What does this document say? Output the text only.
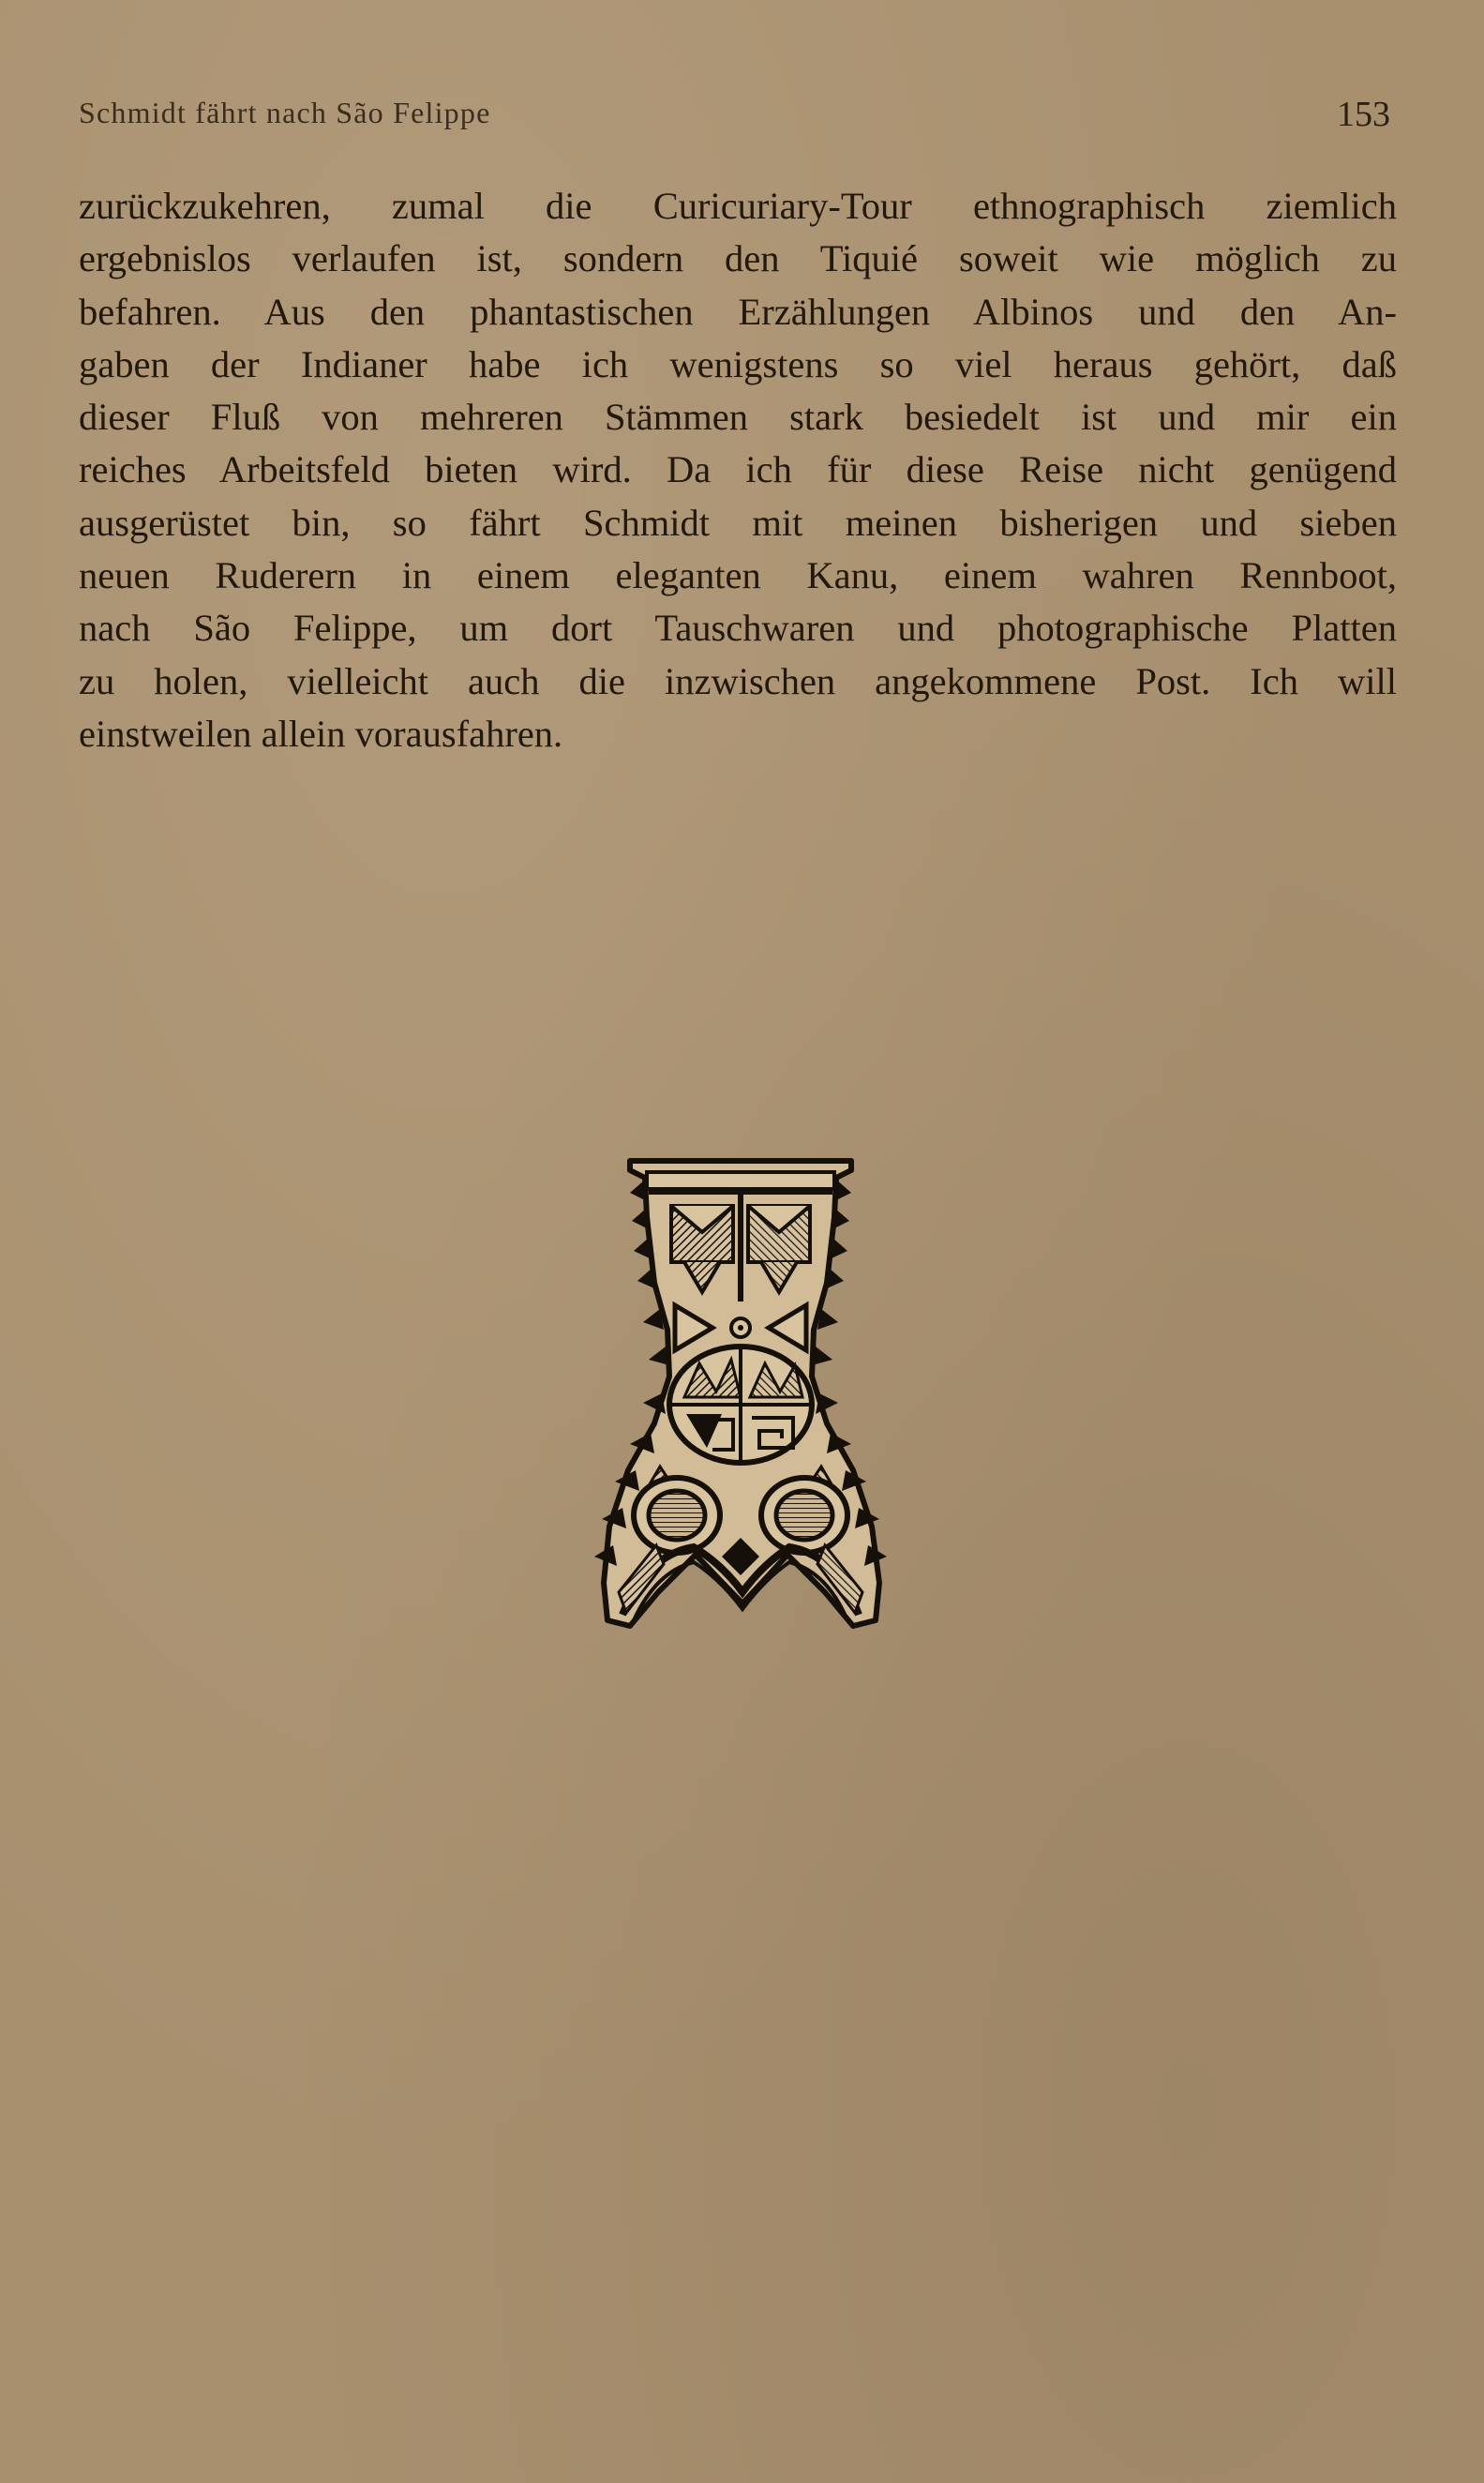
Schmidt fährt nach São Felippe	153
zurückzukehren, zumal die Curicuriary-Tour ethnographisch ziemlich
ergebnislos verlaufen ist, sondern den Tiquié soweit wie möglich zu
befahren. Aus den phantastischen Erzählungen Albinos und den An-
gaben der Indianer habe ich wenigstens so viel heraus gehört, daß
dieser Fluß von mehreren Stämmen stark besiedelt ist und mir ein
reiches Arbeitsfeld bieten wird. Da ich für diese Reise nicht genügend
ausgerüstet bin, so fährt Schmidt mit meinen bisherigen und sieben
neuen Ruderern in einem eleganten Kanu, einem wahren Rennboot,
nach São Felippe, um dort Tauschwaren und photographische Platten
zu holen, vielleicht auch die inzwischen angekommene Post. Ich will
einstweilen allein vorausfahren.
